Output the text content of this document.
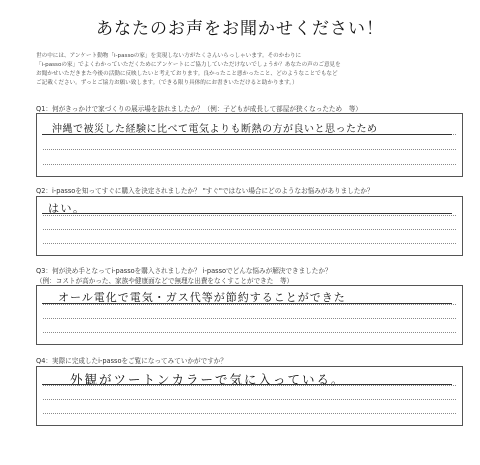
あなたのお声をお聞かせください！
世の中には、アンケート動物「i-passoの家」を実現しない方がたくさんいらっしゃいます。そのかわりに
「i-passoの家」でよくわかっていただくためにアンケートにご協力していただけないでしょうか？あなたの声のご意見を
お聞かせいただきまた今後の活動に反映したいと考えております。良かったこと悪かったこと、どのようなことでもなど
ご記載ください。ずっとご協力お願い致します。（できる限り具体的にお書きいただけると助かります。）
Q1：何がきっかけで家づくりの展示場を訪れましたか？（例：子どもが成長して部屋が狭くなったため　等）
沖縄で被災した経験に比べて電気よりも断熱の方が良いと思ったため
Q2：i-passoを知ってすぐに購入を決定されましたか？ "すぐ"ではない場合にどのようなお悩みがありましたか？
はい。
Q3：何が決め手となってi-passoを購入されましたか？ i-passoでどんな悩みが解決できましたか？
（例：コストが高かった、家族や健康面などで無理な出費をなくすことができた　等）
オール電化で電気・ガス代等が節約することができた
Q4：実際に完成したi-passoをご覧になってみていかがですか？
外観がツートンカラーで気に入っている。
